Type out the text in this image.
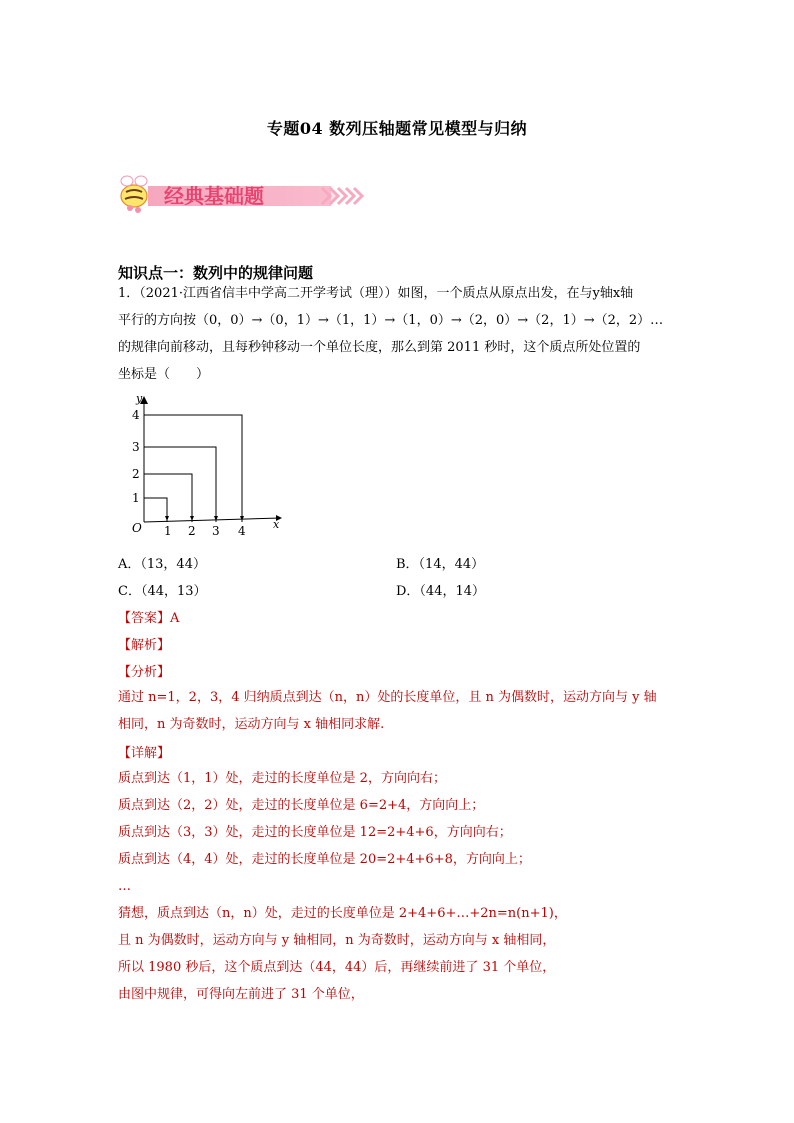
专题04 数列压轴题常见模型与归纳
经典基础题
知识点一：数列中的规律问题
1．（2021·江西省信丰中学高二开学考试（理））如图，一个质点从原点出发，在与y轴x轴
平行的方向按（0，0）→（0，1）→（1，1）→（1，0）→（2，0）→（2，1）→（2，2）…
的规律向前移动，且每秒钟移动一个单位长度，那么到第 2011 秒时，这个质点所处位置的
坐标是（　　）
y
x
O 1 2 3 4
1
2
3
4
A．（13，44）	B．（14，44）
C．（44，13）	D．（44，14）
【答案】A
【解析】
【分析】
通过 n=1，2，3，4 归纳质点到达（n，n）处的长度单位，且 n 为偶数时，运动方向与 y 轴
相同，n 为奇数时，运动方向与 x 轴相同求解.
【详解】
质点到达（1，1）处，走过的长度单位是 2，方向向右；
质点到达（2，2）处，走过的长度单位是 6=2+4，方向向上；
质点到达（3，3）处，走过的长度单位是 12=2+4+6，方向向右；
质点到达（4，4）处，走过的长度单位是 20=2+4+6+8，方向向上；
…
猜想，质点到达（n，n）处，走过的长度单位是 2+4+6+…+2n=n(n+1)，
且 n 为偶数时，运动方向与 y 轴相同，n 为奇数时，运动方向与 x 轴相同，
所以 1980 秒后，这个质点到达（44，44）后，再继续前进了 31 个单位，
由图中规律，可得向左前进了 31 个单位，
